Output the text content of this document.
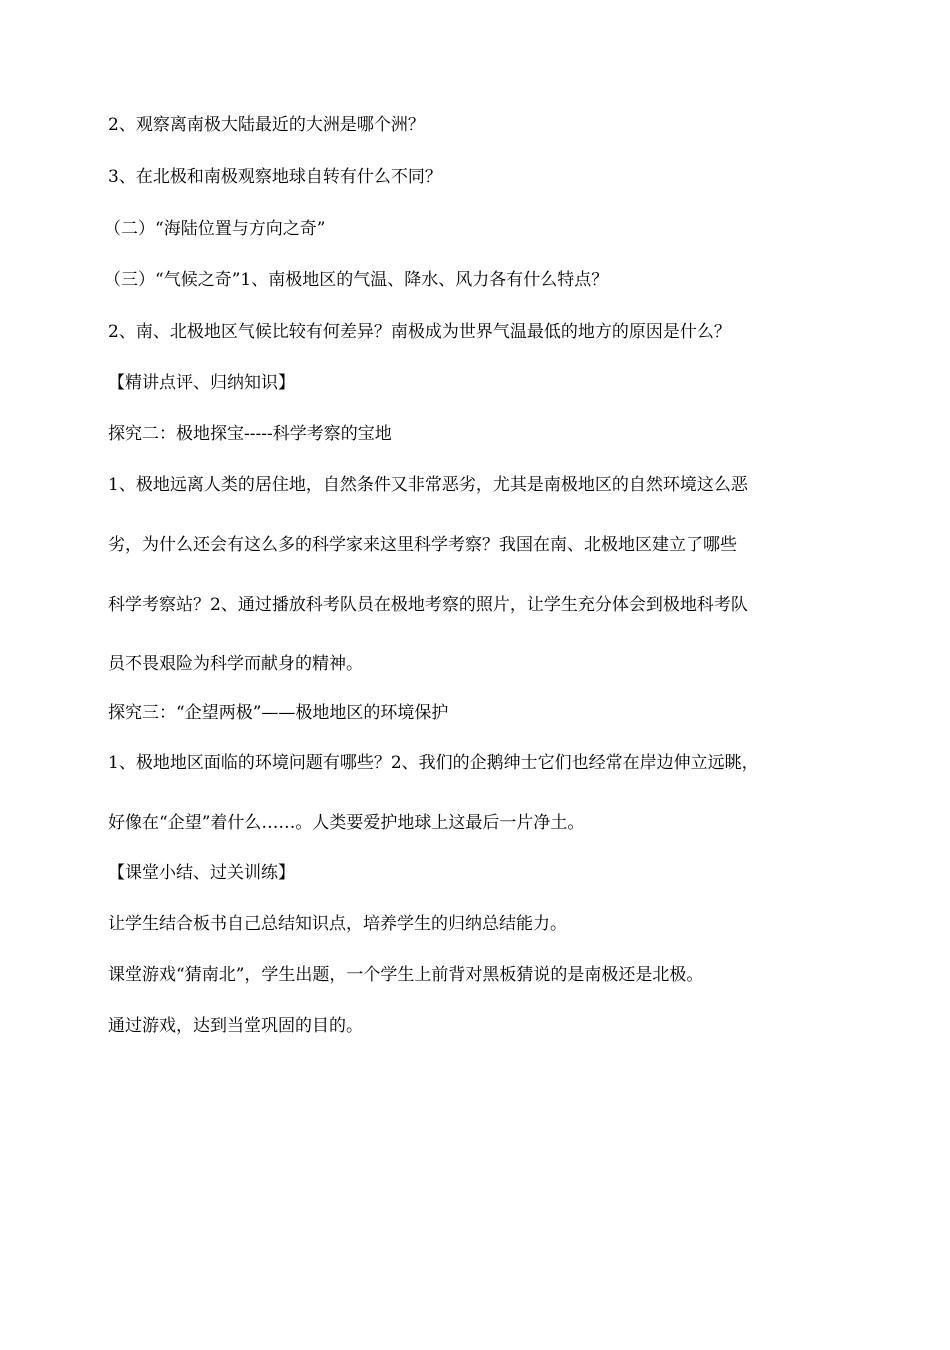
2、观察离南极大陆最近的大洲是哪个洲？
3、在北极和南极观察地球自转有什么不同？
（二）“海陆位置与方向之奇”
（三）“气候之奇”1、南极地区的气温、降水、风力各有什么特点？
2、南、北极地区气候比较有何差异？南极成为世界气温最低的地方的原因是什么？
【精讲点评、归纳知识】
探究二：极地探宝-----科学考察的宝地
1、极地远离人类的居住地，自然条件又非常恶劣，尤其是南极地区的自然环境这么恶
劣，为什么还会有这么多的科学家来这里科学考察？我国在南、北极地区建立了哪些
科学考察站？2、通过播放科考队员在极地考察的照片，让学生充分体会到极地科考队
员不畏艰险为科学而献身的精神。
探究三：“企望两极”——极地地区的环境保护
1、极地地区面临的环境问题有哪些？2、我们的企鹅绅士它们也经常在岸边伸立远眺，
好像在“企望”着什么……。人类要爱护地球上这最后一片净土。
【课堂小结、过关训练】
让学生结合板书自己总结知识点，培养学生的归纳总结能力。
课堂游戏“猜南北”，学生出题，一个学生上前背对黑板猜说的是南极还是北极。
通过游戏，达到当堂巩固的目的。
